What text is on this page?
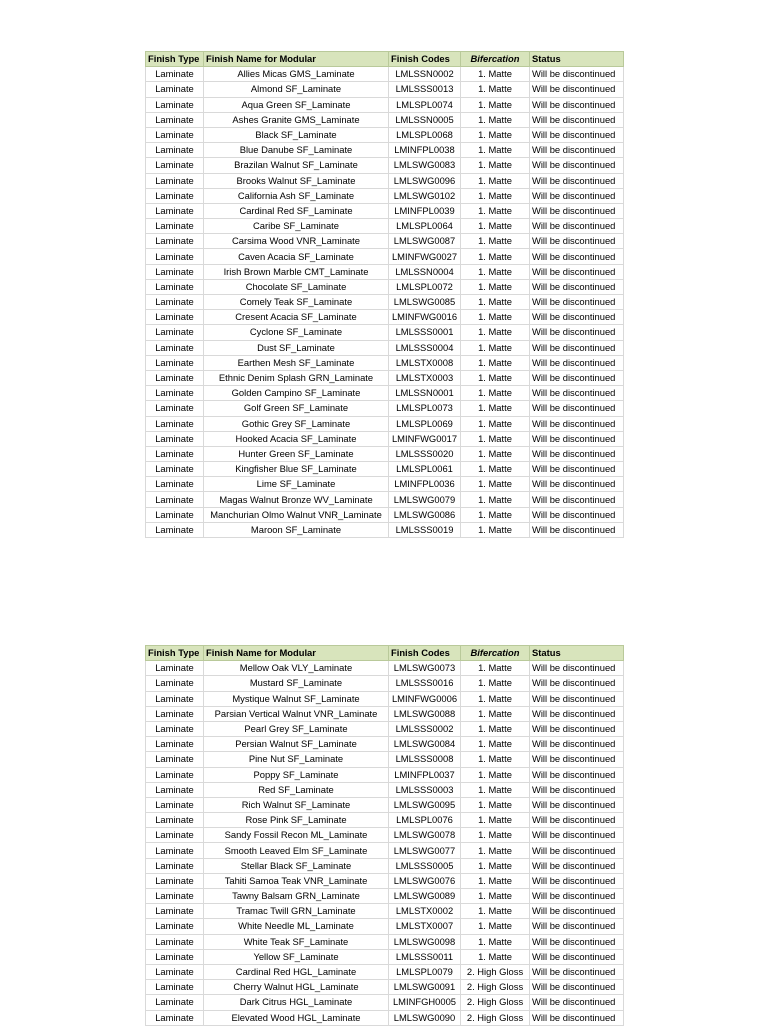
Finish Type	Finish Name for Modular	Finish Codes	Bifercation	Status
Laminate	Allies Micas GMS_Laminate	LMLSSN0002	1. Matte	Will be discontinued
Laminate	Almond SF_Laminate	LMLSSS0013	1. Matte	Will be discontinued
Laminate	Aqua Green SF_Laminate	LMLSPL0074	1. Matte	Will be discontinued
Laminate	Ashes Granite GMS_Laminate	LMLSSN0005	1. Matte	Will be discontinued
Laminate	Black SF_Laminate	LMLSPL0068	1. Matte	Will be discontinued
Laminate	Blue Danube SF_Laminate	LMINFPL0038	1. Matte	Will be discontinued
Laminate	Brazilan Walnut SF_Laminate	LMLSWG0083	1. Matte	Will be discontinued
Laminate	Brooks Walnut SF_Laminate	LMLSWG0096	1. Matte	Will be discontinued
Laminate	California Ash SF_Laminate	LMLSWG0102	1. Matte	Will be discontinued
Laminate	Cardinal Red SF_Laminate	LMINFPL0039	1. Matte	Will be discontinued
Laminate	Caribe SF_Laminate	LMLSPL0064	1. Matte	Will be discontinued
Laminate	Carsima Wood VNR_Laminate	LMLSWG0087	1. Matte	Will be discontinued
Laminate	Caven Acacia SF_Laminate	LMINFWG0027	1. Matte	Will be discontinued
Laminate	Irish Brown Marble CMT_Laminate	LMLSSN0004	1. Matte	Will be discontinued
Laminate	Chocolate SF_Laminate	LMLSPL0072	1. Matte	Will be discontinued
Laminate	Comely Teak SF_Laminate	LMLSWG0085	1. Matte	Will be discontinued
Laminate	Cresent Acacia SF_Laminate	LMINFWG0016	1. Matte	Will be discontinued
Laminate	Cyclone SF_Laminate	LMLSSS0001	1. Matte	Will be discontinued
Laminate	Dust SF_Laminate	LMLSSS0004	1. Matte	Will be discontinued
Laminate	Earthen Mesh SF_Laminate	LMLSTX0008	1. Matte	Will be discontinued
Laminate	Ethnic Denim Splash GRN_Laminate	LMLSTX0003	1. Matte	Will be discontinued
Laminate	Golden Campino SF_Laminate	LMLSSN0001	1. Matte	Will be discontinued
Laminate	Golf Green SF_Laminate	LMLSPL0073	1. Matte	Will be discontinued
Laminate	Gothic Grey SF_Laminate	LMLSPL0069	1. Matte	Will be discontinued
Laminate	Hooked Acacia SF_Laminate	LMINFWG0017	1. Matte	Will be discontinued
Laminate	Hunter Green SF_Laminate	LMLSSS0020	1. Matte	Will be discontinued
Laminate	Kingfisher Blue SF_Laminate	LMLSPL0061	1. Matte	Will be discontinued
Laminate	Lime SF_Laminate	LMINFPL0036	1. Matte	Will be discontinued
Laminate	Magas Walnut Bronze WV_Laminate	LMLSWG0079	1. Matte	Will be discontinued
Laminate	Manchurian Olmo Walnut VNR_Laminate	LMLSWG0086	1. Matte	Will be discontinued
Laminate	Maroon SF_Laminate	LMLSSS0019	1. Matte	Will be discontinued
Finish Type	Finish Name for Modular	Finish Codes	Bifercation	Status
Laminate	Mellow Oak VLY_Laminate	LMLSWG0073	1. Matte	Will be discontinued
Laminate	Mustard SF_Laminate	LMLSSS0016	1. Matte	Will be discontinued
Laminate	Mystique Walnut SF_Laminate	LMINFWG0006	1. Matte	Will be discontinued
Laminate	Parsian Vertical Walnut VNR_Laminate	LMLSWG0088	1. Matte	Will be discontinued
Laminate	Pearl Grey SF_Laminate	LMLSSS0002	1. Matte	Will be discontinued
Laminate	Persian Walnut SF_Laminate	LMLSWG0084	1. Matte	Will be discontinued
Laminate	Pine Nut SF_Laminate	LMLSSS0008	1. Matte	Will be discontinued
Laminate	Poppy SF_Laminate	LMINFPL0037	1. Matte	Will be discontinued
Laminate	Red SF_Laminate	LMLSSS0003	1. Matte	Will be discontinued
Laminate	Rich Walnut SF_Laminate	LMLSWG0095	1. Matte	Will be discontinued
Laminate	Rose Pink SF_Laminate	LMLSPL0076	1. Matte	Will be discontinued
Laminate	Sandy Fossil Recon ML_Laminate	LMLSWG0078	1. Matte	Will be discontinued
Laminate	Smooth Leaved Elm SF_Laminate	LMLSWG0077	1. Matte	Will be discontinued
Laminate	Stellar Black SF_Laminate	LMLSSS0005	1. Matte	Will be discontinued
Laminate	Tahiti Samoa Teak VNR_Laminate	LMLSWG0076	1. Matte	Will be discontinued
Laminate	Tawny Balsam GRN_Laminate	LMLSWG0089	1. Matte	Will be discontinued
Laminate	Tramac Twill GRN_Laminate	LMLSTX0002	1. Matte	Will be discontinued
Laminate	White Needle ML_Laminate	LMLSTX0007	1. Matte	Will be discontinued
Laminate	White Teak SF_Laminate	LMLSWG0098	1. Matte	Will be discontinued
Laminate	Yellow SF_Laminate	LMLSSS0011	1. Matte	Will be discontinued
Laminate	Cardinal Red HGL_Laminate	LMLSPL0079	2. High Gloss	Will be discontinued
Laminate	Cherry Walnut HGL_Laminate	LMLSWG0091	2. High Gloss	Will be discontinued
Laminate	Dark Citrus HGL_Laminate	LMINFGH0005	2. High Gloss	Will be discontinued
Laminate	Elevated Wood HGL_Laminate	LMLSWG0090	2. High Gloss	Will be discontinued
